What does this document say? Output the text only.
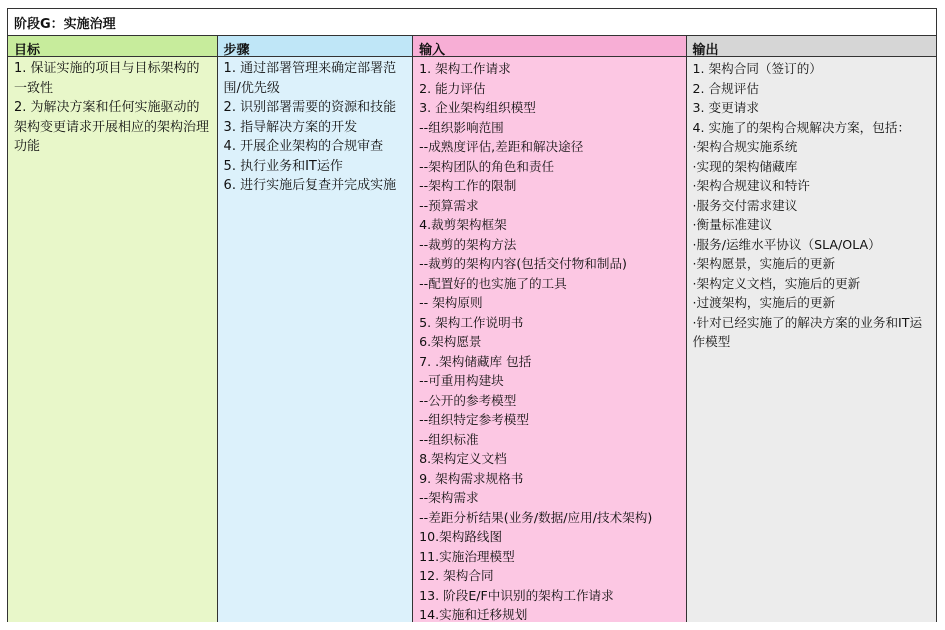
阶段G：实施治理
目标
1. 保证实施的项目与目标架构的一致性
2. 为解决方案和任何实施驱动的架构变更请求开展相应的架构治理功能
步骤
1. 通过部署管理来确定部署范围/优先级
2. 识别部署需要的资源和技能
3. 指导解决方案的开发
4. 开展企业架构的合规审查
5. 执行业务和IT运作
6. 进行实施后复查并完成实施
输入
1. 架构工作请求
2. 能力评估
3. 企业架构组织模型
--组织影响范围
--成熟度评估,差距和解决途径
--架构团队的角色和责任
--架构工作的限制
--预算需求
4.裁剪架构框架
--裁剪的架构方法
--裁剪的架构内容(包括交付物和制品)
--配置好的也实施了的工具
-- 架构原则
5. 架构工作说明书
6.架构愿景
7. .架构储藏库 包括
--可重用构建块
--公开的参考模型
--组织特定参考模型
--组织标准
8.架构定义文档
9. 架构需求规格书
--架构需求
--差距分析结果(业务/数据/应用/技术架构)
10.架构路线图
11.实施治理模型
12. 架构合同
13. 阶段E/F中识别的架构工作请求
14.实施和迁移规划
输出
1. 架构合同（签订的）
2. 合规评估
3. 变更请求
4. 实施了的架构合规解决方案，包括：
·架构合规实施系统
·实现的架构储藏库
·架构合规建议和特许
·服务交付需求建议
·衡量标准建议
·服务/运维水平协议（SLA/OLA）
·架构愿景，实施后的更新
·架构定义文档，实施后的更新
·过渡架构，实施后的更新
·针对已经实施了的解决方案的业务和IT运作模型
